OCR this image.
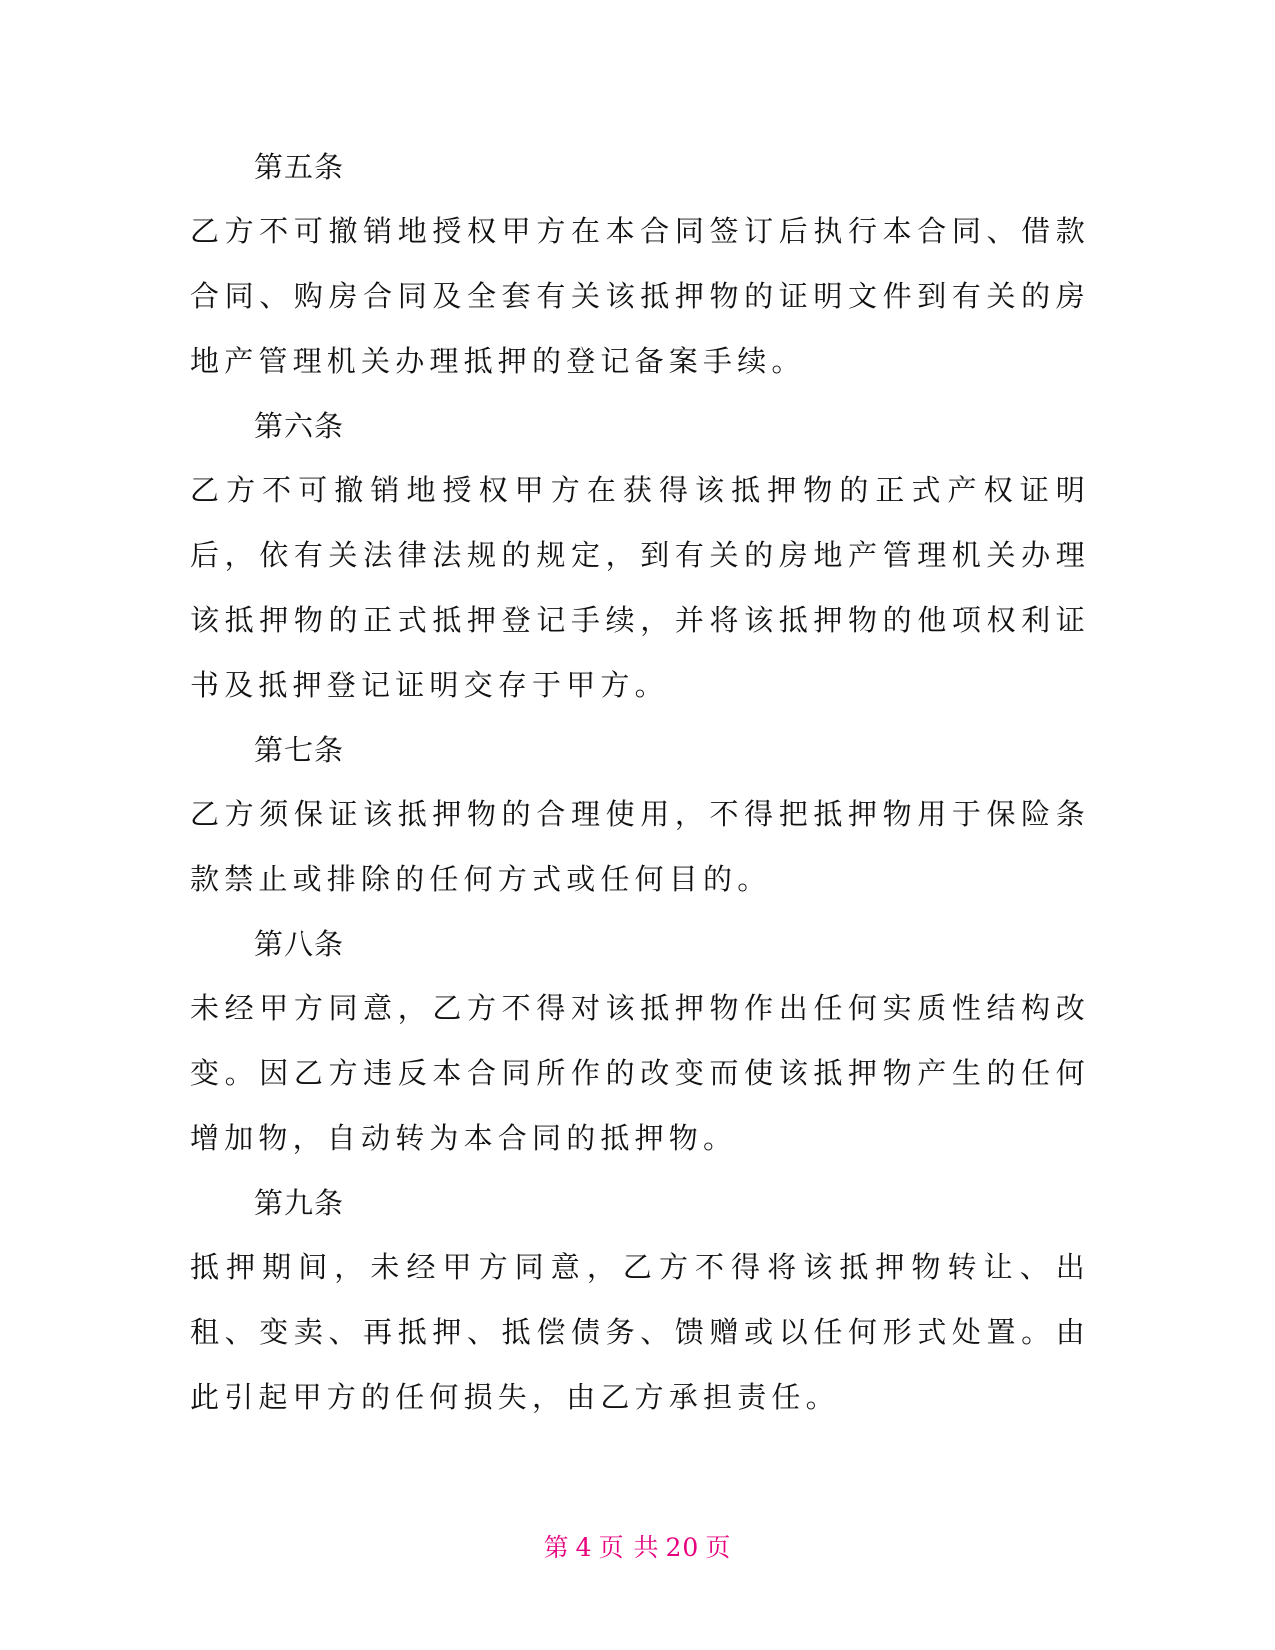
第五条

乙方不可撤销地授权甲方在本合同签订后执行本合同、借款合同、购房合同及全套有关该抵押物的证明文件到有关的房地产管理机关办理抵押的登记备案手续。

第六条

乙方不可撤销地授权甲方在获得该抵押物的正式产权证明后，依有关法律法规的规定，到有关的房地产管理机关办理该抵押物的正式抵押登记手续，并将该抵押物的他项权利证书及抵押登记证明交存于甲方。

第七条

乙方须保证该抵押物的合理使用，不得把抵押物用于保险条款禁止或排除的任何方式或任何目的。

第八条

未经甲方同意，乙方不得对该抵押物作出任何实质性结构改变。因乙方违反本合同所作的改变而使该抵押物产生的任何增加物，自动转为本合同的抵押物。

第九条

抵押期间，未经甲方同意，乙方不得将该抵押物转让、出租、变卖、再抵押、抵偿债务、馈赠或以任何形式处置。由此引起甲方的任何损失，由乙方承担责任。

第 4 页 共 20 页
